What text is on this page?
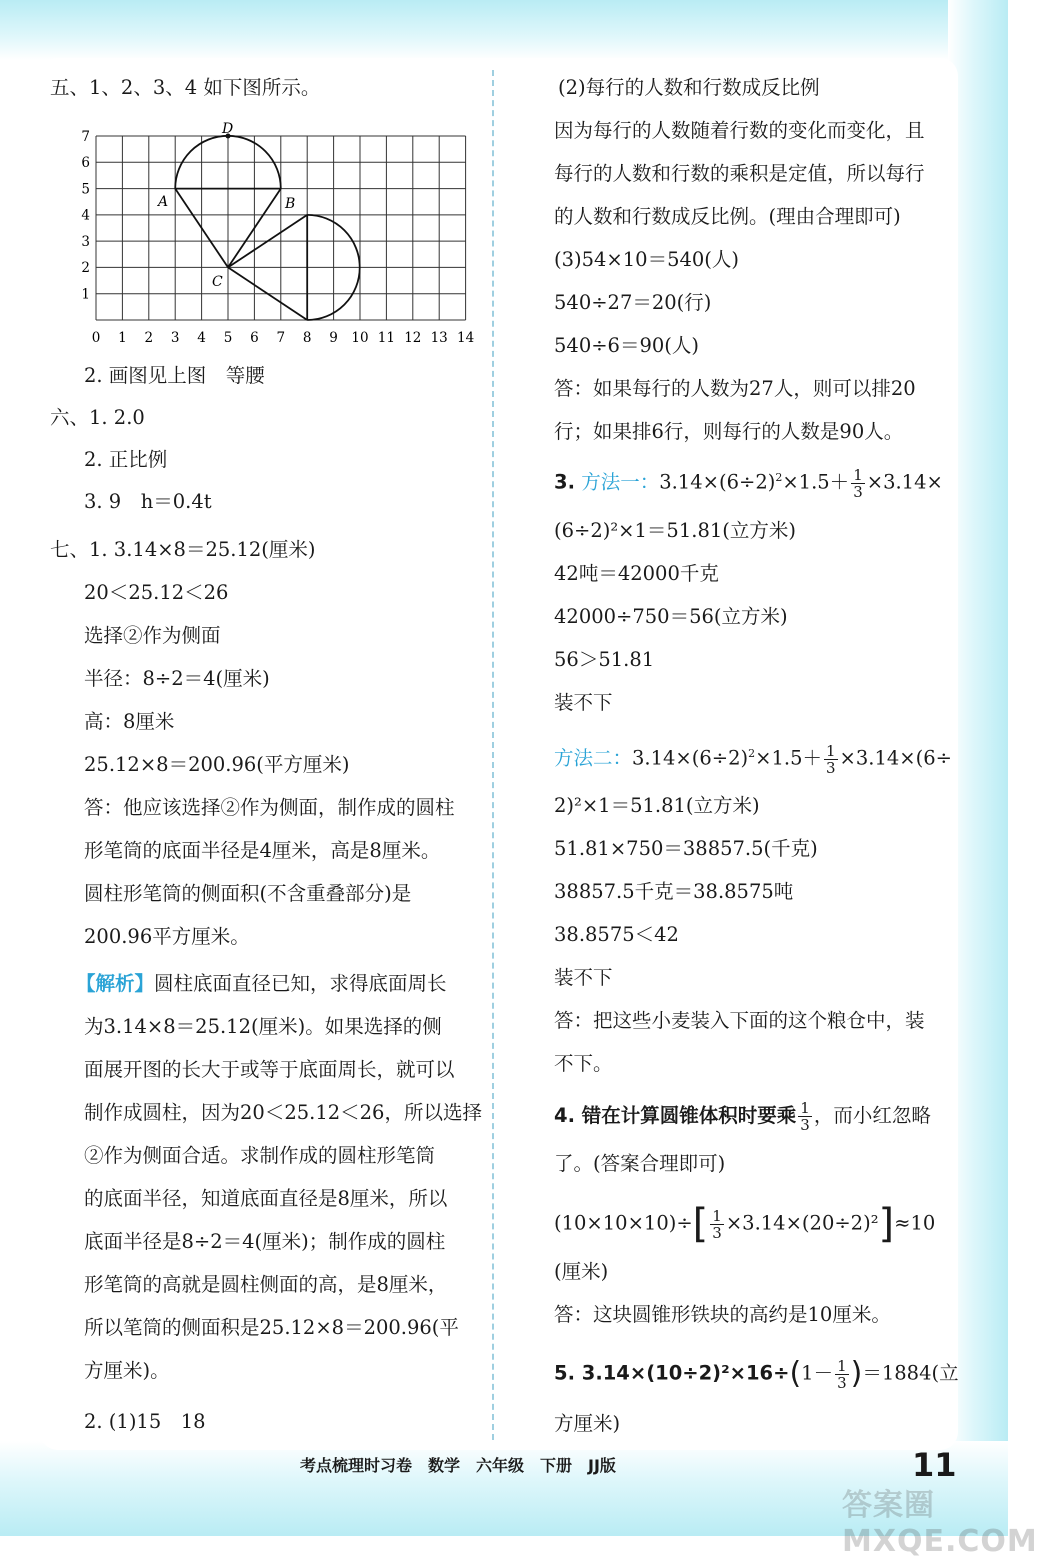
五、1、2、3、4 如下图所示。
D
A	B
C
0 1 2 3 4 5 6 7 8 9 10 11 12 13 14
1
2
3
4
5
6
7
2. 画图见上图　等腰
六、1. 2.0
2. 正比例
3. 9　h＝0.4t
七、1. 3.14×8＝25.12(厘米)
20＜25.12＜26
选择②作为侧面
半径：8÷2＝4(厘米)
高：8厘米
25.12×8＝200.96(平方厘米)
答：他应该选择②作为侧面，制作成的圆柱
形笔筒的底面半径是4厘米，高是8厘米。
圆柱形笔筒的侧面积(不含重叠部分)是
200.96平方厘米。
【解析】圆柱底面直径已知，求得底面周长
为3.14×8＝25.12(厘米)。如果选择的侧
面展开图的长大于或等于底面周长，就可以
制作成圆柱，因为20＜25.12＜26，所以选择
②作为侧面合适。求制作成的圆柱形笔筒
的底面半径，知道底面直径是8厘米，所以
底面半径是8÷2＝4(厘米)；制作成的圆柱
形笔筒的高就是圆柱侧面的高，是8厘米，
所以笔筒的侧面积是25.12×8＝200.96(平
方厘米)。
2. (1)15　18
(2)每行的人数和行数成反比例
因为每行的人数随着行数的变化而变化，且
每行的人数和行数的乘积是定值，所以每行
的人数和行数成反比例。(理由合理即可)
(3)54×10＝540(人)
540÷27＝20(行)
540÷6＝90(人)
答：如果每行的人数为27人，则可以排20
行；如果排6行，则每行的人数是90人。
3. 方法一：$3.14\times(6\div 2)^2\times 1.5+ \frac{1}{3} \times 3.14\times$
(6÷2)²×1＝51.81(立方米)
42吨＝42000千克
42000÷750＝56(立方米)
56＞51.81
装不下
方法二：$3.14\times(6\div 2)^2\times 1.5+ \frac{1}{3} \times 3.14\times(6\div$
2)²×1＝51.81(立方米)
51.81×750＝38857.5(千克)
38857.5千克＝38.8575吨
38.8575＜42
装不下
答：把这些小麦装入下面的这个粮仓中，装
不下。
4. 错在计算圆锥体积时要乘 $\frac{1}{3}$ ，而小红忽略
了。(答案合理即可)
$(10\times 10\times 10)\div[ \frac{1}{3} \times 3.14\times(20\div 2)^2]\approx 10$
(厘米)
答：这块圆锥形铁块的高约是10厘米。
5. $3.14\times(10\div 2)^2\times 16\div(1- \frac{1}{3} )=1884$(立
方厘米)
考点梳理时习卷　数学　六年级　下册　JJ版	11
答案圈 MXQE.COM
